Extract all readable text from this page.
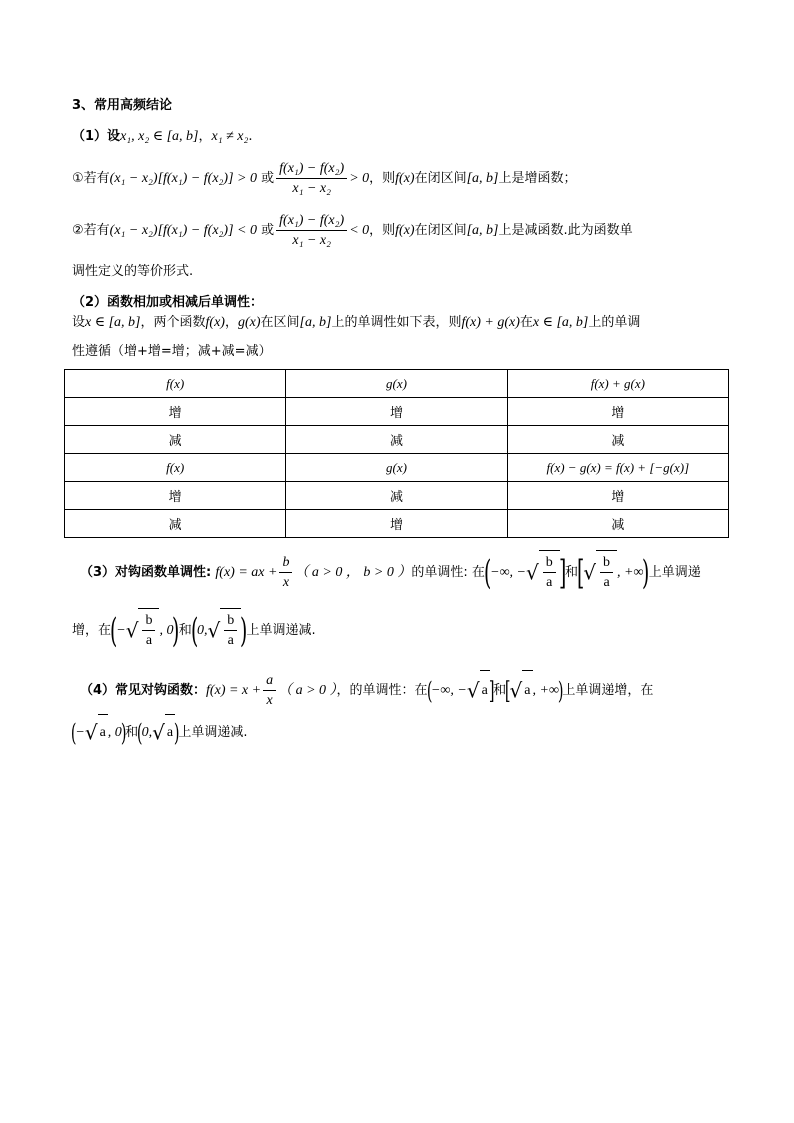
3、常用高频结论
（1）设x₁, x₂ ∈ [a, b]，x₁ ≠ x₂.
①若有(x₁ − x₂)[f(x₁) − f(x₂)] > 0 或 $\frac{\text{f(x₁) − f(x₂)}}{\text{x₁ − x₂}} > 0$，则f(x)在闭区间[a, b]上是增函数；
②若有(x₁ − x₂)[f(x₁) − f(x₂)] < 0 或 $\frac{\text{f(x₁) − f(x₂)}}{\text{x₁ − x₂}} < 0$，则f(x)在闭区间[a, b]上是减函数.此为函数单
调性定义的等价形式.
（2）函数相加或相减后单调性：
设x ∈ [a, b]，两个函数f(x)，g(x)在区间[a, b]上的单调性如下表，则f(x) + g(x)在x ∈ [a, b]上的单调
性遵循（增+增=增；减+减=减）
f(x)	g(x)	f(x) + g(x)
增	增	增
减	减	减
f(x)	g(x)	f(x) − g(x) = f(x) + [−g(x)]
增	减	增
减	增	减
（3）对钩函数单调性: f(x) = ax + $\frac{b}{x}$ （ a > 0 ， b > 0 ）的单调性: 在(−∞, −√ $\frac{b}{a}$ ]和[√ $\frac{b}{a}$ , +∞)上单调递
增，在(−√ $\frac{b}{a}$ , 0)和($0,√ \frac{b}{a}$ )上单调递减.
（4）常见对钩函数：$f(x) = x + \frac{a}{x}$ （ a > 0 ），的单调性：在(−∞, −√ a]和[√ a , +∞)上单调递增，在
(−√ a , 0)和(0,√ a)上单调递减.
